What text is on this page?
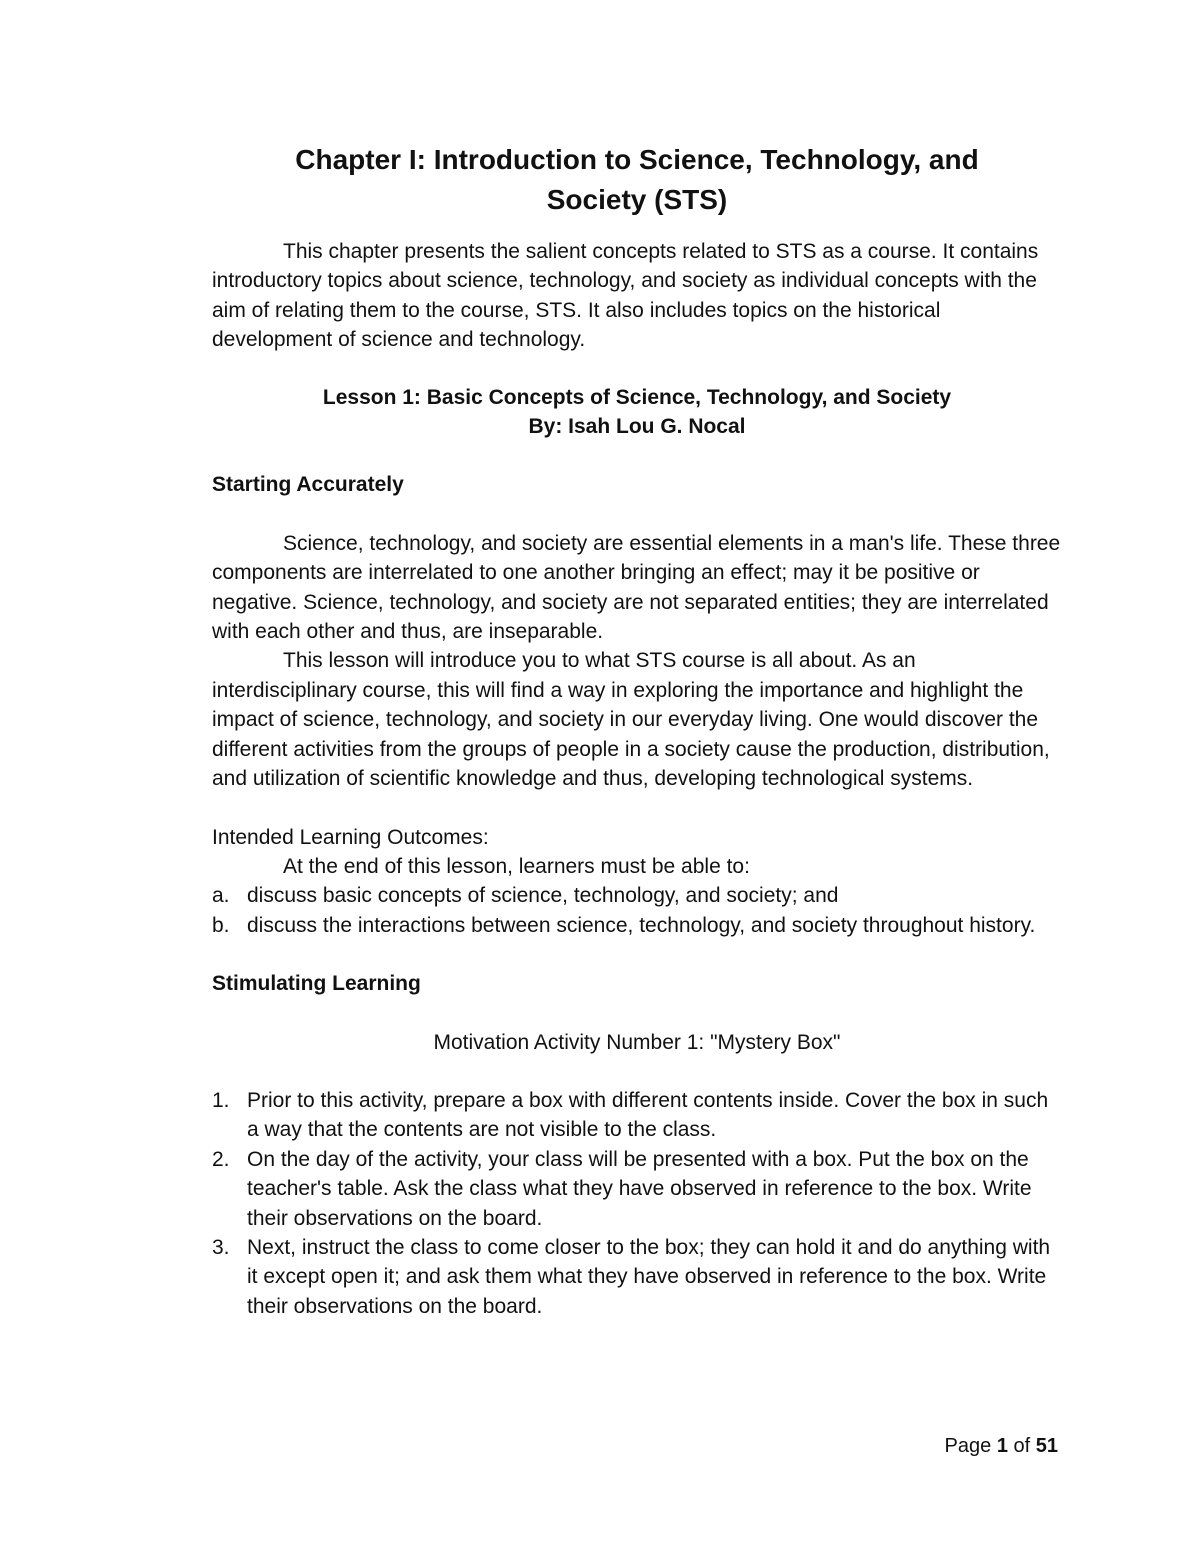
Chapter I: Introduction to Science, Technology, and Society (STS)

This chapter presents the salient concepts related to STS as a course. It contains introductory topics about science, technology, and society as individual concepts with the aim of relating them to the course, STS. It also includes topics on the historical development of science and technology.

Lesson 1: Basic Concepts of Science, Technology, and Society
By: Isah Lou G. Nocal

Starting Accurately

Science, technology, and society are essential elements in a man's life. These three components are interrelated to one another bringing an effect; may it be positive or negative. Science, technology, and society are not separated entities; they are interrelated with each other and thus, are inseparable.

This lesson will introduce you to what STS course is all about. As an interdisciplinary course, this will find a way in exploring the importance and highlight the impact of science, technology, and society in our everyday living. One would discover the different activities from the groups of people in a society cause the production, distribution, and utilization of scientific knowledge and thus, developing technological systems.

Intended Learning Outcomes:

At the end of this lesson, learners must be able to:

a. discuss basic concepts of science, technology, and society; and
b. discuss the interactions between science, technology, and society throughout history.

Stimulating Learning

Motivation Activity Number 1: "Mystery Box"

1. Prior to this activity, prepare a box with different contents inside. Cover the box in such a way that the contents are not visible to the class.
2. On the day of the activity, your class will be presented with a box. Put the box on the teacher's table. Ask the class what they have observed in reference to the box. Write their observations on the board.
3. Next, instruct the class to come closer to the box; they can hold it and do anything with it except open it; and ask them what they have observed in reference to the box. Write their observations on the board.
Page 1 of 51
